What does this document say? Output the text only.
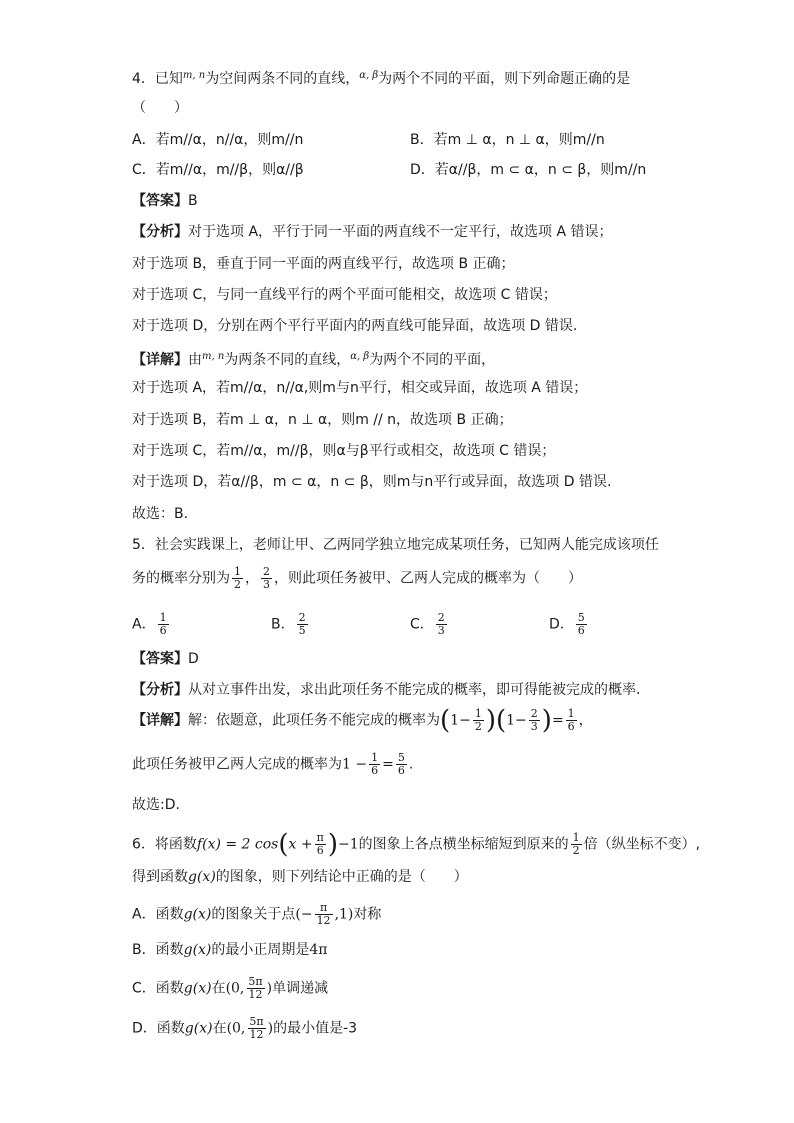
4．已知$^{m, n}$为空间两条不同的直线，$^{\alpha, \beta}$为两个不同的平面，则下列命题正确的是
（　　）
A．若m//α，n//α，则m//n	B．若m ⊥ α，n ⊥ α，则m//n
C．若m//α，m//β，则α//β	D．若α//β，m ⊂ α，n ⊂ β，则m//n
【答案】B
【分析】对于选项 A，平行于同一平面的两直线不一定平行，故选项 A 错误；
对于选项 B，垂直于同一平面的两直线平行，故选项 B 正确；
对于选项 C，与同一直线平行的两个平面可能相交，故选项 C 错误；
对于选项 D，分别在两个平行平面内的两直线可能异面，故选项 D 错误.
【详解】由$^{m, n}$为两条不同的直线，$^{\alpha, \beta}$为两个不同的平面，
对于选项 A，若m//α，n//α,则m与n平行，相交或异面，故选项 A 错误；
对于选项 B，若m ⊥ α，n ⊥ α，则m // n，故选项 B 正确；
对于选项 C，若m//α，m//β，则α与β平行或相交，故选项 C 错误；
对于选项 D，若α//β，m ⊂ α，n ⊂ β，则m与n平行或异面，故选项 D 错误.
故选：B.
5．社会实践课上，老师让甲、乙两同学独立地完成某项任务，已知两人能完成该项任
务的概率分别为 $\frac{1}{2}$ ， $\frac{2}{3}$ ，则此项任务被甲、乙两人完成的概率为（　　）
A． $\frac{1}{6}$	B． $\frac{2}{5}$	C． $\frac{2}{3}$	D． $\frac{5}{6}$
【答案】D
【分析】从对立事件出发，求出此项任务不能完成的概率，即可得能被完成的概率.
【详解】解：依题意，此项任务不能完成的概率为$(1- \frac{1}{2} )(1- \frac{2}{3}$ )= $\frac{1}{6}$ ，
此项任务被甲乙两人完成的概率为$1 - \frac{1}{6} = \frac{5}{6}$ .
故选:D.
6．将函数f(x) = 2 $\cos(x + \frac{\pi}{6} )-1$的图象上各点横坐标缩短到原来的 $\frac{1}{2}$ 倍（纵坐标不变）,
得到函数g(x)的图象，则下列结论中正确的是（　　）
A．函数g(x)的图象关于点(− $\frac{\pi}{12} ,1$)对称
B．函数g(x)的最小正周期是4π
C．函数g(x)在(0, $\frac{5\pi}{12}$ )单调递减
D．函数g(x)在(0, $\frac{5\pi}{12}$ )的最小值是-3
